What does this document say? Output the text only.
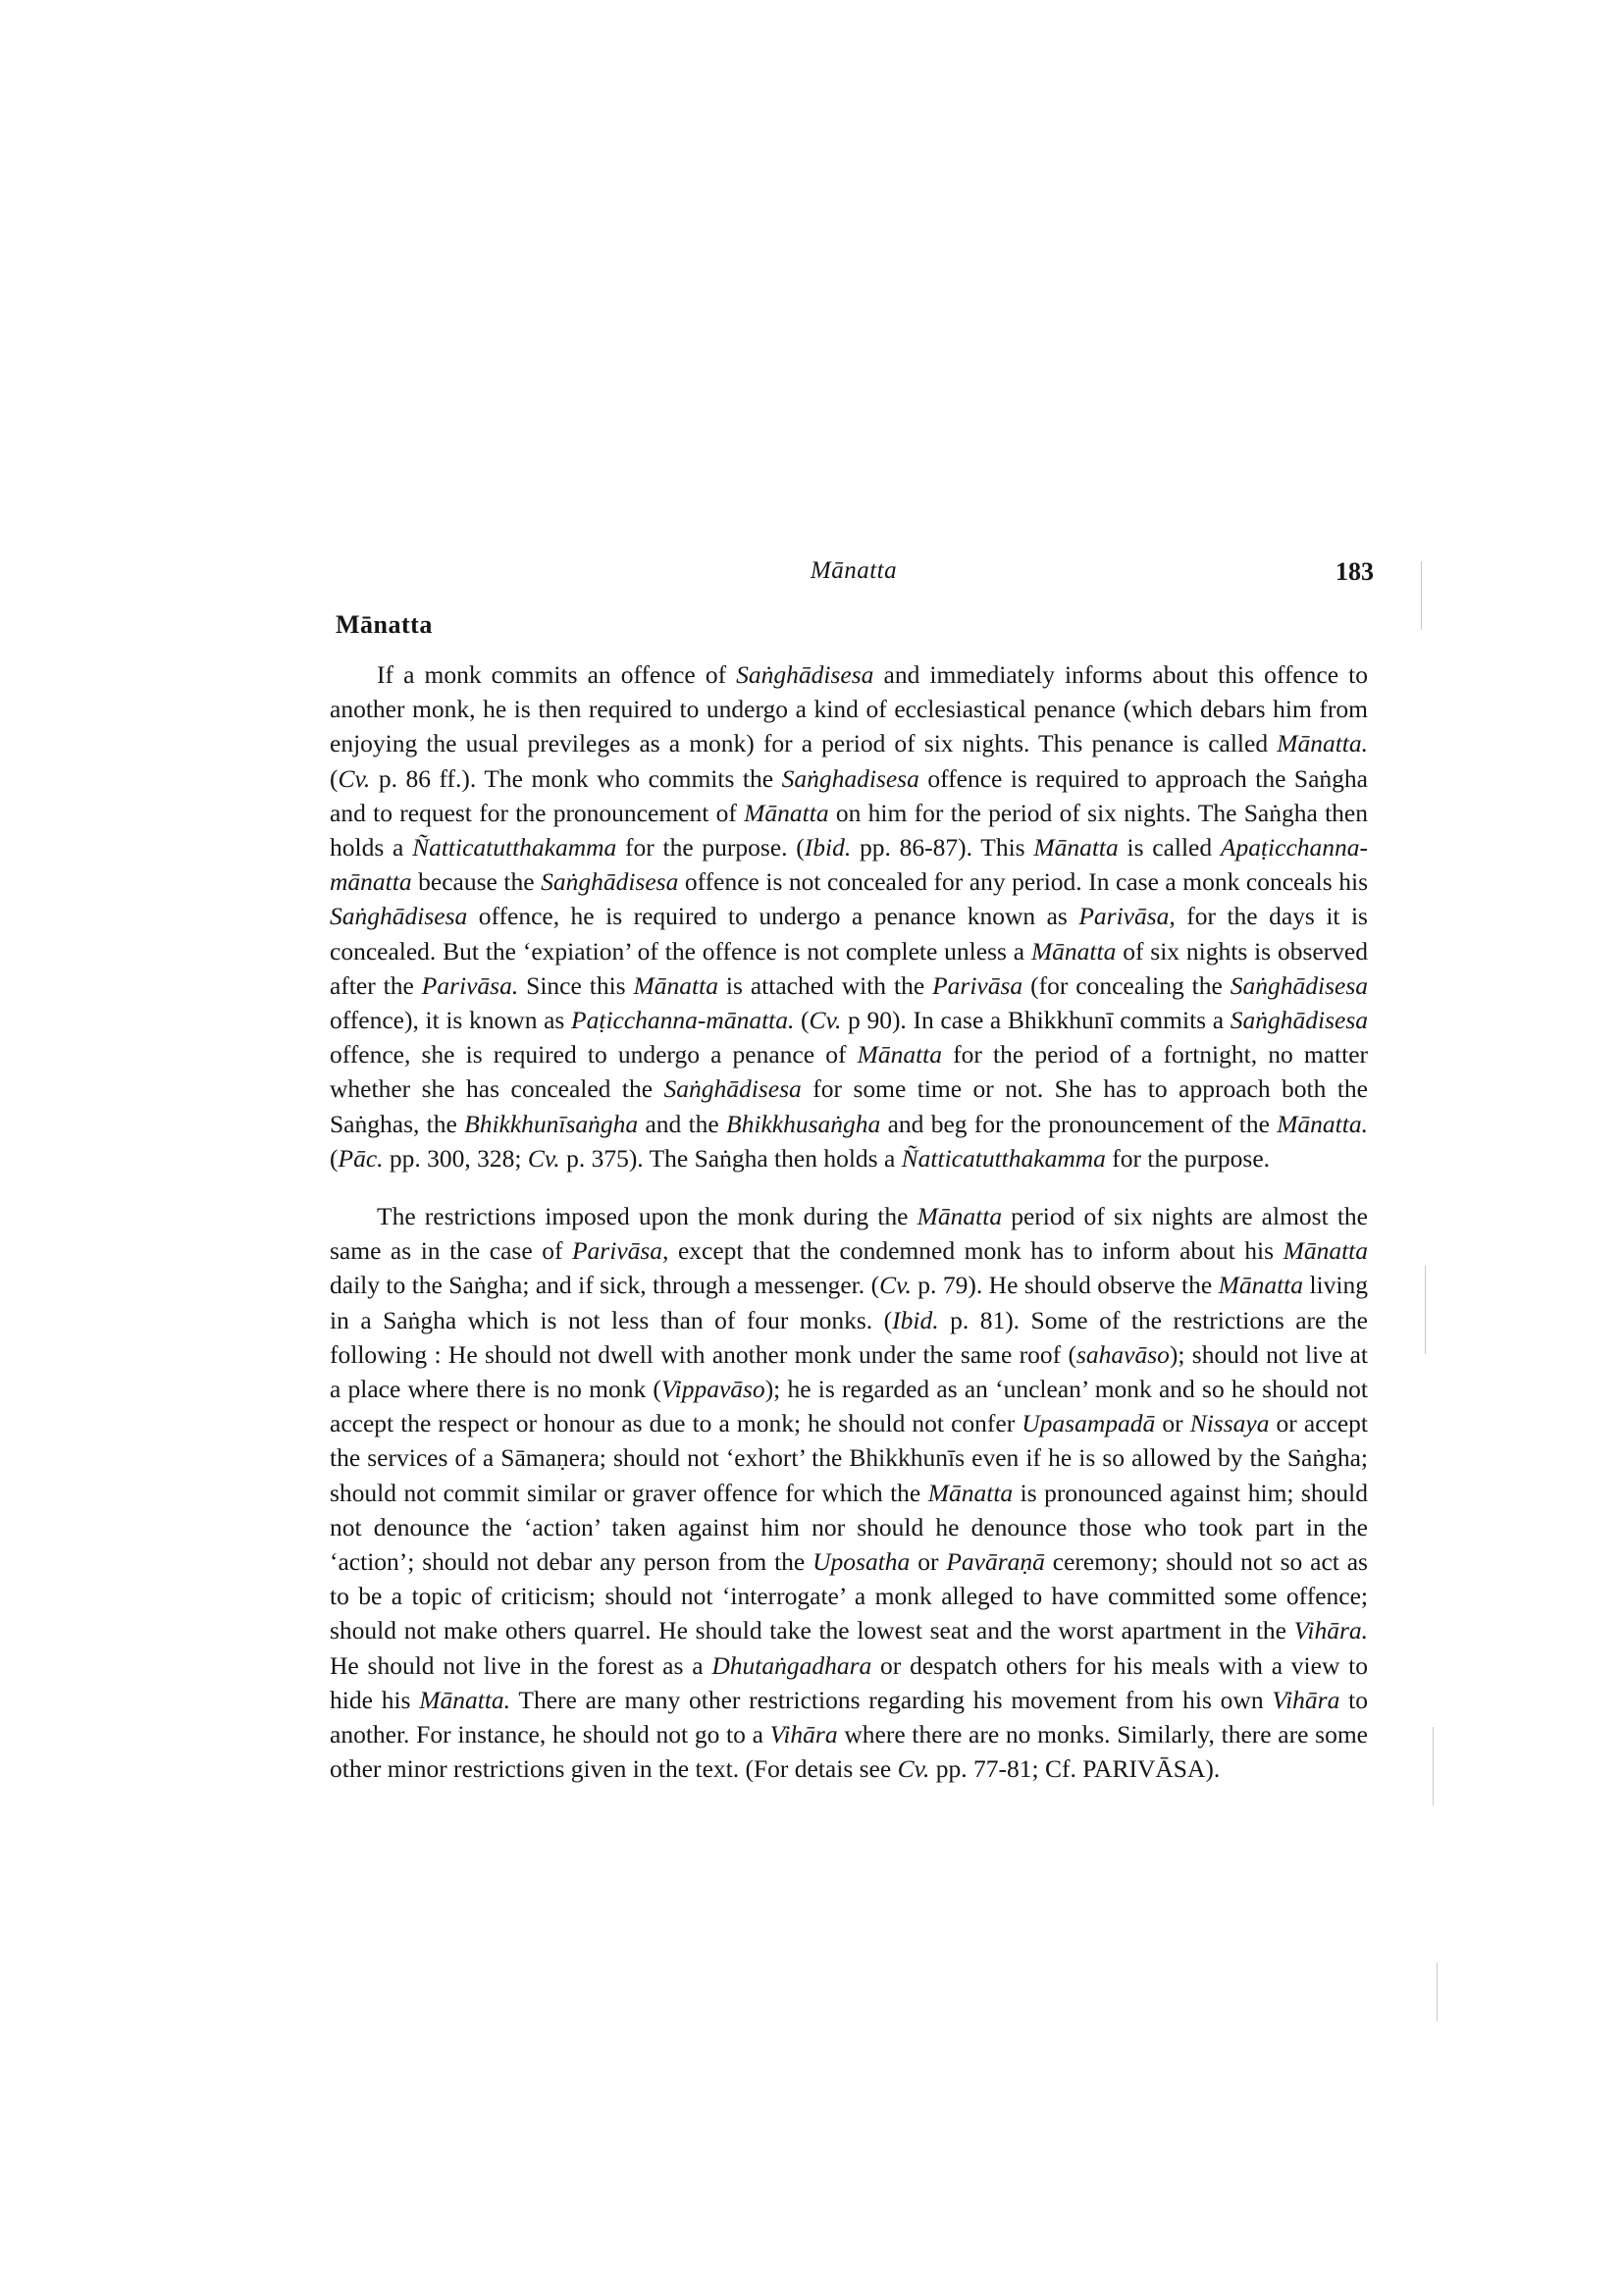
Mānatta	183
Mānatta

If a monk commits an offence of Saṅghādisesa and immediately informs about this offence to another monk, he is then required to undergo a kind of ecclesiastical penance (which debars him from enjoying the usual previleges as a monk) for a period of six nights. This penance is called Mānatta. (Cv. p. 86 ff.). The monk who commits the Saṅghadisesa offence is required to approach the Saṅgha and to request for the pronouncement of Mānatta on him for the period of six nights. The Saṅgha then holds a Ñatticatutthakamma for the purpose. (Ibid. pp. 86-87). This Mānatta is called Apaṭicchanna-mānatta because the Saṅghādisesa offence is not concealed for any period. In case a monk conceals his Saṅghādisesa offence, he is required to undergo a penance known as Parivāsa, for the days it is concealed. But the ‘expiation’ of the offence is not complete unless a Mānatta of six nights is observed after the Parivāsa. Since this Mānatta is attached with the Parivāsa (for concealing the Saṅghādisesa offence), it is known as Paṭicchanna-mānatta. (Cv. p 90). In case a Bhikkhunī commits a Saṅghādisesa offence, she is required to undergo a penance of Mānatta for the period of a fortnight, no matter whether she has concealed the Saṅghādisesa for some time or not. She has to approach both the Saṅghas, the Bhikkhunīsaṅgha and the Bhikkhusaṅgha and beg for the pronouncement of the Mānatta. (Pāc. pp. 300, 328; Cv. p. 375). The Saṅgha then holds a Ñatticatutthakamma for the purpose.

The restrictions imposed upon the monk during the Mānatta period of six nights are almost the same as in the case of Parivāsa, except that the condemned monk has to inform about his Mānatta daily to the Saṅgha; and if sick, through a messenger. (Cv. p. 79). He should observe the Mānatta living in a Saṅgha which is not less than of four monks. (Ibid. p. 81). Some of the restrictions are the following : He should not dwell with another monk under the same roof (sahavāso); should not live at a place where there is no monk (Vippavāso); he is regarded as an ‘unclean’ monk and so he should not accept the respect or honour as due to a monk; he should not confer Upasampadā or Nissaya or accept the services of a Sāmaṇera; should not ‘exhort’ the Bhikkhunīs even if he is so allowed by the Saṅgha; should not commit similar or graver offence for which the Mānatta is pronounced against him; should not denounce the ‘action’ taken against him nor should he denounce those who took part in the ‘action’; should not debar any person from the Uposatha or Pavāraṇā ceremony; should not so act as to be a topic of criticism; should not ‘interrogate’ a monk alleged to have committed some offence; should not make others quarrel. He should take the lowest seat and the worst apartment in the Vihāra. He should not live in the forest as a Dhutaṅgadhara or despatch others for his meals with a view to hide his Mānatta. There are many other restrictions regarding his movement from his own Vihāra to another. For instance, he should not go to a Vihāra where there are no monks. Similarly, there are some other minor restrictions given in the text. (For detais see Cv. pp. 77-81; Cf. PARIVĀSA).
